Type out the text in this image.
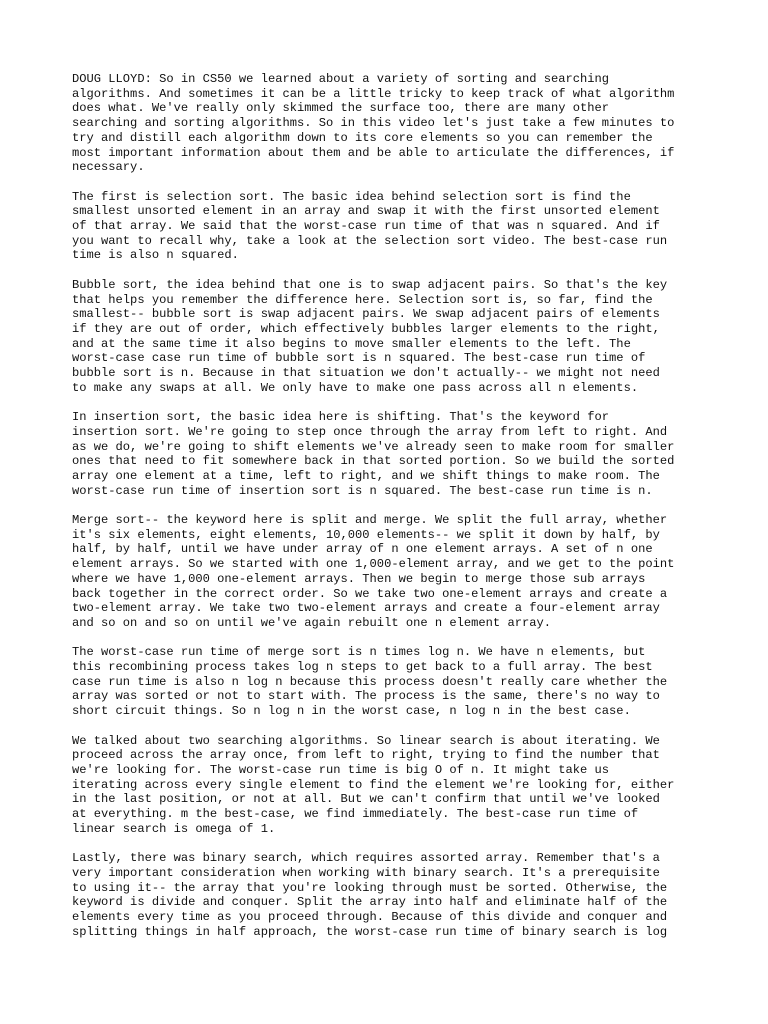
DOUG LLOYD: So in CS50 we learned about a variety of sorting and searching
algorithms. And sometimes it can be a little tricky to keep track of what algorithm
does what. We've really only skimmed the surface too, there are many other
searching and sorting algorithms. So in this video let's just take a few minutes to
try and distill each algorithm down to its core elements so you can remember the
most important information about them and be able to articulate the differences, if
necessary.

The first is selection sort. The basic idea behind selection sort is find the
smallest unsorted element in an array and swap it with the first unsorted element
of that array. We said that the worst-case run time of that was n squared. And if
you want to recall why, take a look at the selection sort video. The best-case run
time is also n squared.

Bubble sort, the idea behind that one is to swap adjacent pairs. So that's the key
that helps you remember the difference here. Selection sort is, so far, find the
smallest-- bubble sort is swap adjacent pairs. We swap adjacent pairs of elements
if they are out of order, which effectively bubbles larger elements to the right,
and at the same time it also begins to move smaller elements to the left. The
worst-case case run time of bubble sort is n squared. The best-case run time of
bubble sort is n. Because in that situation we don't actually-- we might not need
to make any swaps at all. We only have to make one pass across all n elements.

In insertion sort, the basic idea here is shifting. That's the keyword for
insertion sort. We're going to step once through the array from left to right. And
as we do, we're going to shift elements we've already seen to make room for smaller
ones that need to fit somewhere back in that sorted portion. So we build the sorted
array one element at a time, left to right, and we shift things to make room. The
worst-case run time of insertion sort is n squared. The best-case run time is n.

Merge sort-- the keyword here is split and merge. We split the full array, whether
it's six elements, eight elements, 10,000 elements-- we split it down by half, by
half, by half, until we have under array of n one element arrays. A set of n one
element arrays. So we started with one 1,000-element array, and we get to the point
where we have 1,000 one-element arrays. Then we begin to merge those sub arrays
back together in the correct order. So we take two one-element arrays and create a
two-element array. We take two two-element arrays and create a four-element array
and so on and so on until we've again rebuilt one n element array.

The worst-case run time of merge sort is n times log n. We have n elements, but
this recombining process takes log n steps to get back to a full array. The best
case run time is also n log n because this process doesn't really care whether the
array was sorted or not to start with. The process is the same, there's no way to
short circuit things. So n log n in the worst case, n log n in the best case.

We talked about two searching algorithms. So linear search is about iterating. We
proceed across the array once, from left to right, trying to find the number that
we're looking for. The worst-case run time is big O of n. It might take us
iterating across every single element to find the element we're looking for, either
in the last position, or not at all. But we can't confirm that until we've looked
at everything. m the best-case, we find immediately. The best-case run time of
linear search is omega of 1.

Lastly, there was binary search, which requires assorted array. Remember that's a
very important consideration when working with binary search. It's a prerequisite
to using it-- the array that you're looking through must be sorted. Otherwise, the
keyword is divide and conquer. Split the array into half and eliminate half of the
elements every time as you proceed through. Because of this divide and conquer and
splitting things in half approach, the worst-case run time of binary search is log
